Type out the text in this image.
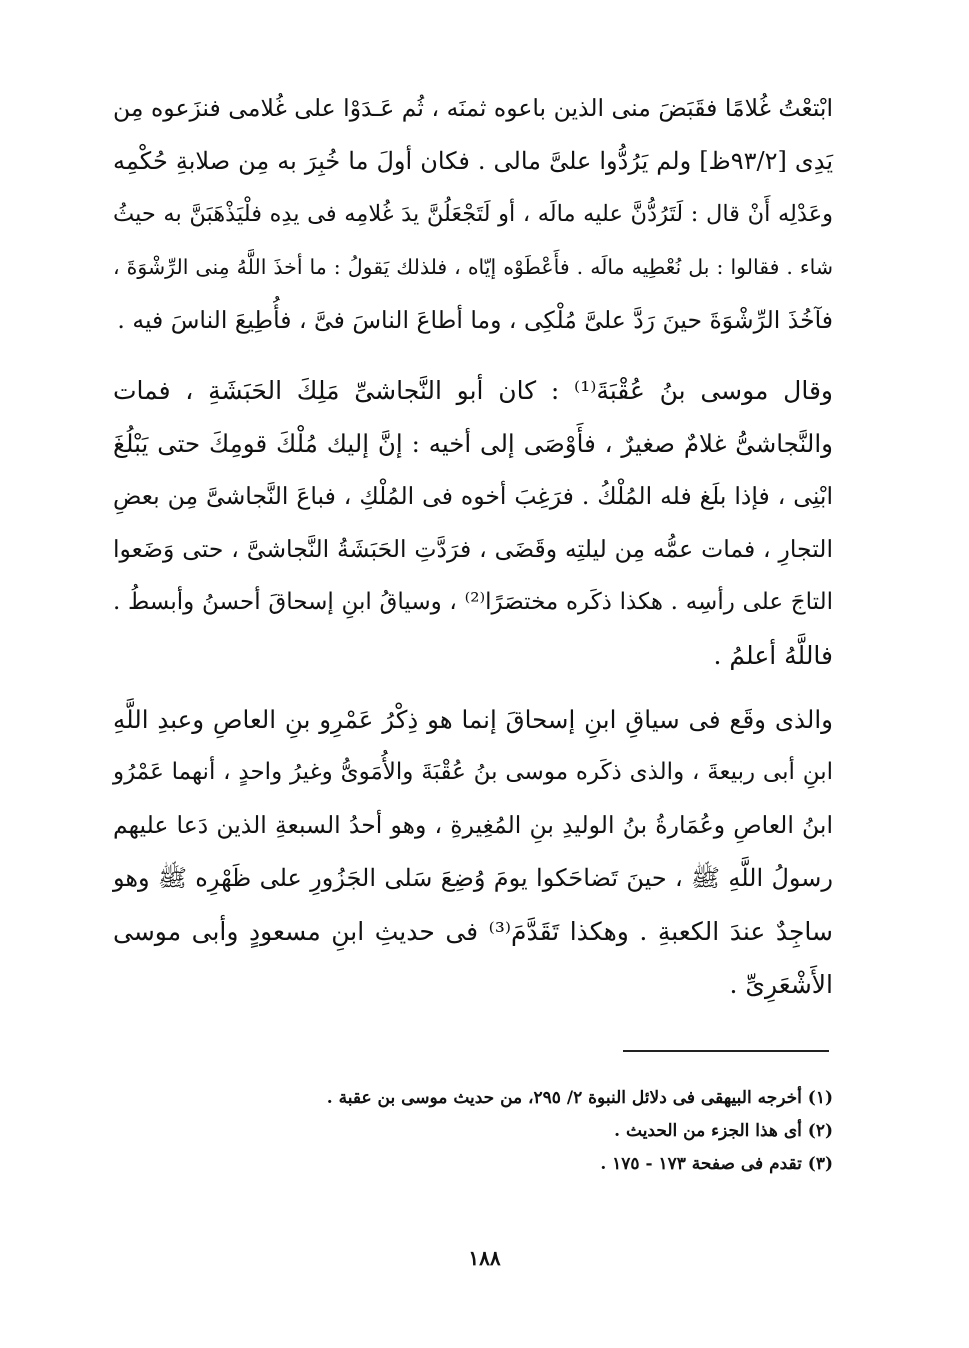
ابْتعْتُ غُلامًا فقَبَضَ منى الذين باعوه ثمنَه ، ثُم عَـدَوْا على غُلامى فنزَعوه مِن
يَدِى [٩٣/٢ظ] ولم يَرُدُّوا علىَّ مالى . فكان أولَ ما خُبِرَ به مِن صلابةِ حُكْمِه
وعَدْلِه أَنْ قال : لَتَرُدُّنَّ عليه مالَه ، أو لَتَجْعَلُنَّ يدَ غُلامِه فى يدِه فلْيَذْهَبَنَّ به حيثُ
شاء . فقالوا : بل نُعْطِيه مالَه . فأَعْطَوْه إيّاه ، فلذلك يَقولُ : ما أخذَ اللَّهُ مِنى الرِّشْوَةَ ،
فآخُذَ الرِّشْوَةَ حينَ رَدَّ علىَّ مُلْكِى ، وما أطاعَ الناسَ فىَّ ، فأُطِيعَ الناسَ فيه .
وقال موسى بنُ عُقْبَةَ⁽¹⁾ : كان أبو النَّجاشىِّ مَلِكَ الحَبَشَةِ ، فمات
والنَّجاشىُّ غلامٌ صغيرٌ ، فأَوْصَى إلى أخيه : إنَّ إليك مُلْكَ قومِكَ حتى يَبْلُغَ
ابْنِى ، فإذا بلَغ فله المُلْكُ . فرَغِبَ أخوه فى المُلْكِ ، فباعَ النَّجاشىَّ مِن بعضِ
التجارِ ، فمات عمُّه مِن ليلتِه وقَضَى ، فرَدَّتِ الحَبَشَةُ النَّجاشىَّ ، حتى وَضَعوا
التاجَ على رأسِه . هكذا ذكَره مختصَرًا⁽²⁾ ، وسياقُ ابنِ إسحاقَ أحسنُ وأبسطُ .
فاللَّهُ أعلمُ .
والذى وقَع فى سياقِ ابنِ إسحاقَ إنما هو ذِكْرُ عَمْرِو بنِ العاصِ وعبدِ اللَّهِ
ابنِ أبى ربيعةَ ، والذى ذكَره موسى بنُ عُقْبَةَ والأُمَوىُّ وغيرُ واحدٍ ، أنهما عَمْرُو
ابنُ العاصِ وعُمَارةُ بنُ الوليدِ بنِ المُغِيرةِ ، وهو أحدُ السبعةِ الذين دَعا عليهم
رسولُ اللَّهِ ﷺ ، حينَ تَضاحَكوا يومَ وُضِعَ سَلى الجَزُورِ على ظَهْرِه ﷺ وهو
ساجِدٌ عندَ الكعبةِ . وهكذا تَقَدَّمَ⁽³⁾ فى حديثِ ابنِ مسعودٍ وأبى موسى
الأَشْعَرِىِّ .
(١) أخرجه البيهقى فى دلائل النبوة ٢/ ٢٩٥، من حديث موسى بن عقبة .
(٢) أى هذا الجزء من الحديث .
(٣) تقدم فى صفحة ١٧٣ - ١٧٥ .
١٨٨
